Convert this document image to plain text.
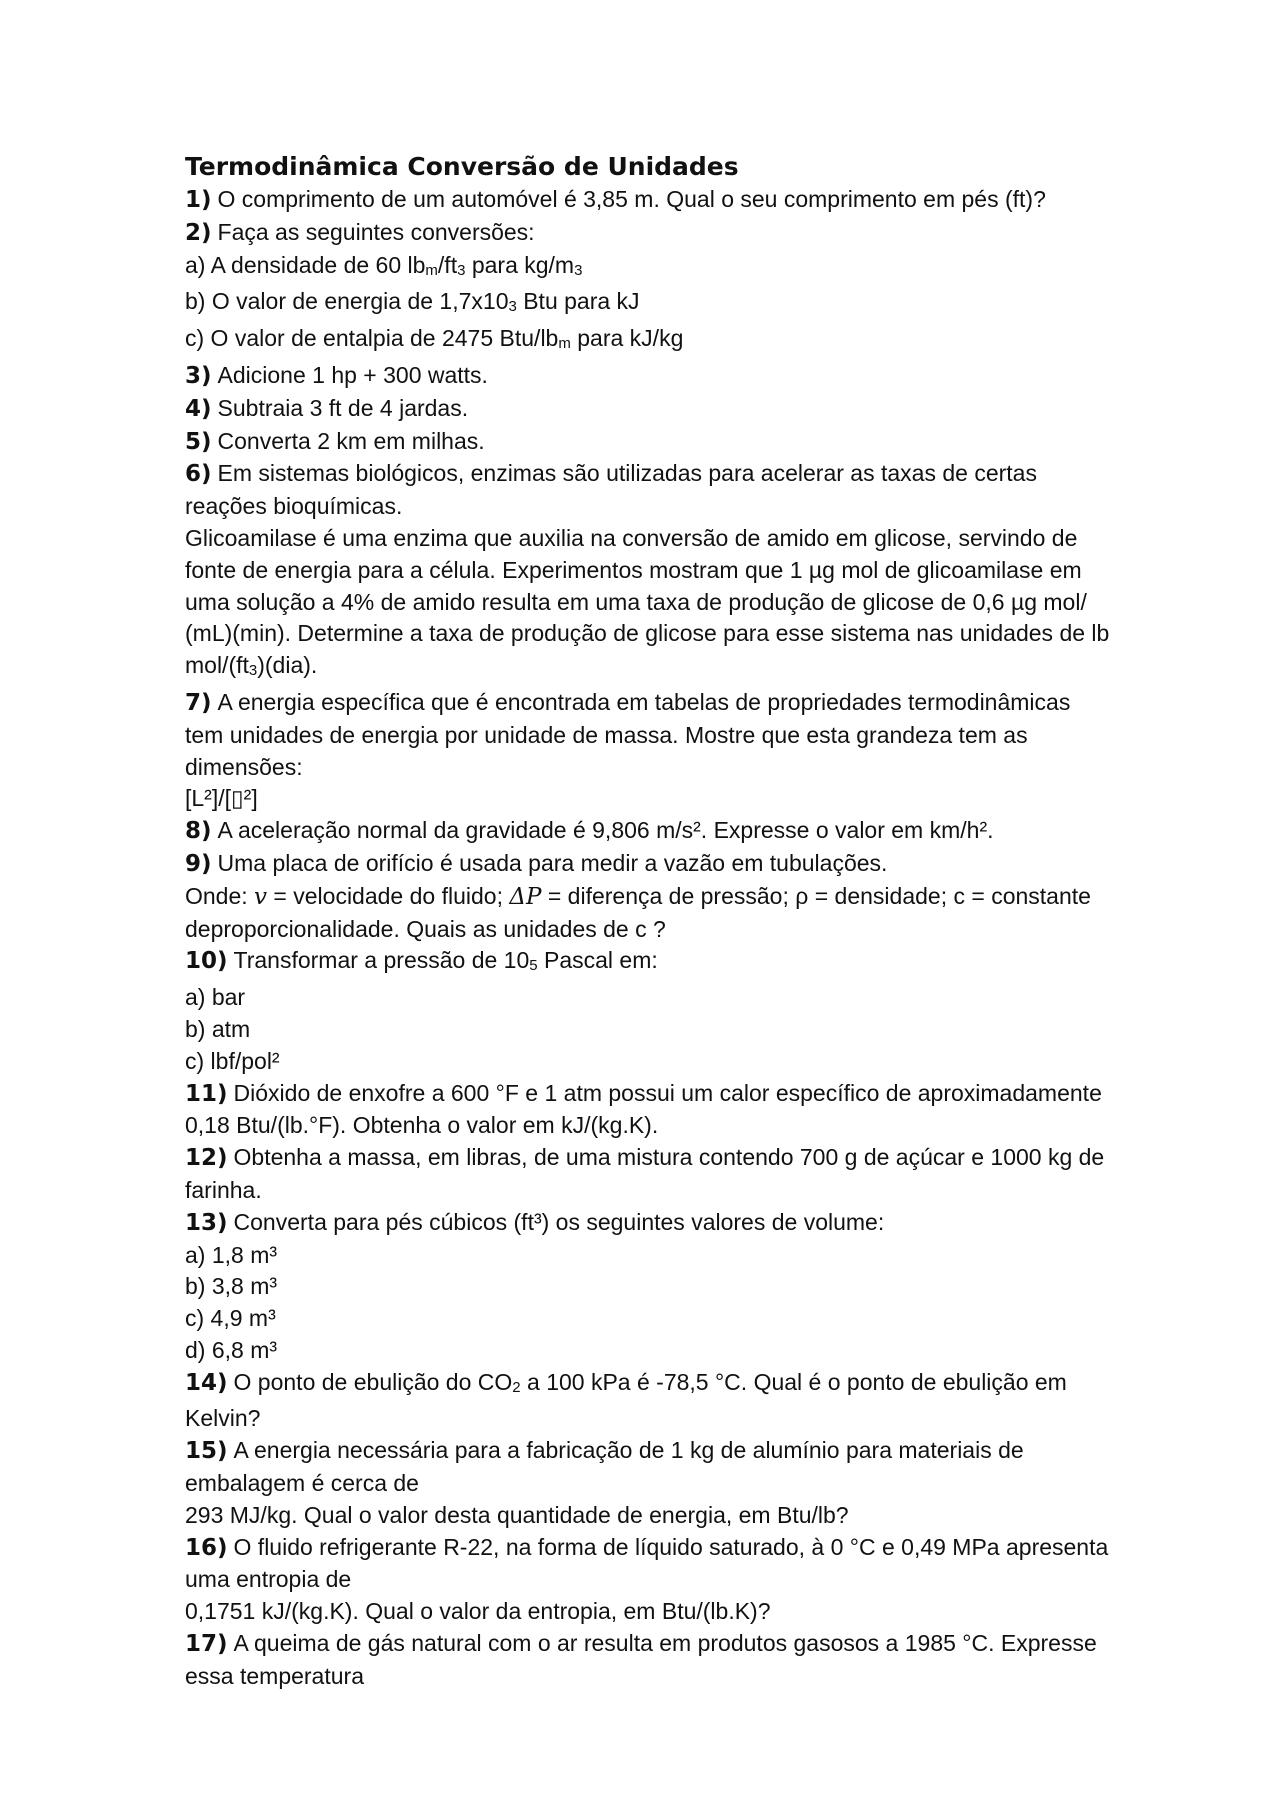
Termodinâmica Conversão de Unidades

1) O comprimento de um automóvel é 3,85 m. Qual o seu comprimento em pés (ft)?

2) Faça as seguintes conversões:

a) A densidade de 60 lbm/ft3 para kg/m3

b) O valor de energia de 1,7x103 Btu para kJ

c) O valor de entalpia de 2475 Btu/lbm para kJ/kg

3) Adicione 1 hp + 300 watts.

4) Subtraia 3 ft de 4 jardas.

5) Converta 2 km em milhas.

6) Em sistemas biológicos, enzimas são utilizadas para acelerar as taxas de certas reações bioquímicas.

Glicoamilase é uma enzima que auxilia na conversão de amido em glicose, servindo de fonte de energia para a célula. Experimentos mostram que 1 µg mol de glicoamilase em uma solução a 4% de amido resulta em uma taxa de produção de glicose de 0,6 µg mol/ (mL)(min). Determine a taxa de produção de glicose para esse sistema nas unidades de lb mol/(ft3)(dia).

7) A energia específica que é encontrada em tabelas de propriedades termodinâmicas tem unidades de energia por unidade de massa. Mostre que esta grandeza tem as dimensões:

[L²]/[▯²]

8) A aceleração normal da gravidade é 9,806 m/s². Expresse o valor em km/h².

9) Uma placa de orifício é usada para medir a vazão em tubulações.

Onde: v = velocidade do fluido; ΔP = diferença de pressão; ρ = densidade; c = constante deproporcionalidade. Quais as unidades de c ?

10) Transformar a pressão de 105 Pascal em:

a) bar

b) atm

c) lbf/pol²

11) Dióxido de enxofre a 600 °F e 1 atm possui um calor específico de aproximadamente 0,18 Btu/(lb.°F). Obtenha o valor em kJ/(kg.K).

12) Obtenha a massa, em libras, de uma mistura contendo 700 g de açúcar e 1000 kg de farinha.

13) Converta para pés cúbicos (ft³) os seguintes valores de volume:

a) 1,8 m³

b) 3,8 m³

c) 4,9 m³

d) 6,8 m³

14) O ponto de ebulição do CO2 a 100 kPa é -78,5 °C. Qual é o ponto de ebulição em Kelvin?

15) A energia necessária para a fabricação de 1 kg de alumínio para materiais de embalagem é cerca de

293 MJ/kg. Qual o valor desta quantidade de energia, em Btu/lb?

16) O fluido refrigerante R-22, na forma de líquido saturado, à 0 °C e 0,49 MPa apresenta uma entropia de

0,1751 kJ/(kg.K). Qual o valor da entropia, em Btu/(lb.K)?

17) A queima de gás natural com o ar resulta em produtos gasosos a 1985 °C. Expresse essa temperatura
